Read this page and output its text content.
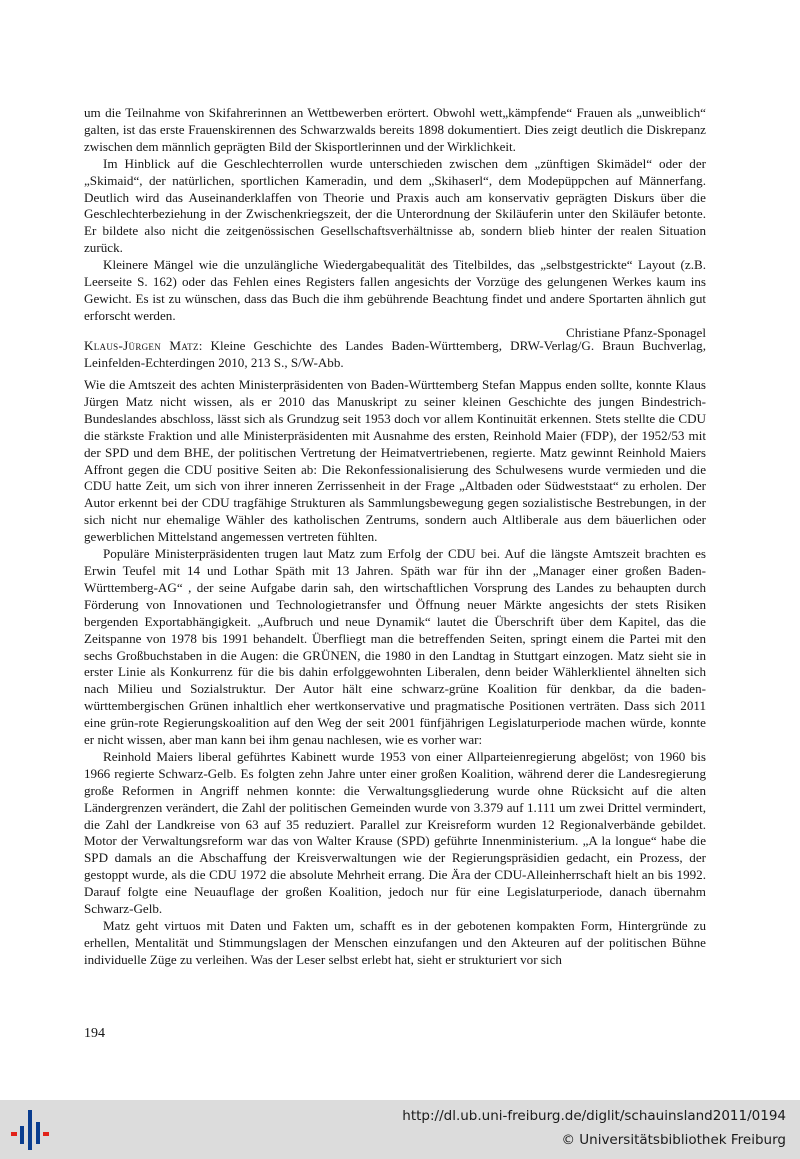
um die Teilnahme von Skifahrerinnen an Wettbewerben erörtert. Obwohl wett„kämpfende“ Frauen als „unweiblich“ galten, ist das erste Frauenskirennen des Schwarzwalds bereits 1898 dokumentiert. Dies zeigt deutlich die Diskrepanz zwischen dem männlich geprägten Bild der Skisportlerinnen und der Wirklichkeit.

Im Hinblick auf die Geschlechterrollen wurde unterschieden zwischen dem „zünftigen Skimädel“ oder der „Skimaid“, der natürlichen, sportlichen Kameradin, und dem „Skihaserl“, dem Modepüppchen auf Männerfang. Deutlich wird das Auseinanderklaffen von Theorie und Praxis auch am konservativ geprägten Diskurs über die Geschlechterbeziehung in der Zwischenkriegszeit, der die Unterordnung der Skiläuferin unter den Skiläufer betonte. Er bildete also nicht die zeitgenössischen Gesellschaftsverhältnisse ab, sondern blieb hinter der realen Situation zurück.

Kleinere Mängel wie die unzulängliche Wiedergabequalität des Titelbildes, das „selbstgestrickte“ Layout (z.B. Leerseite S. 162) oder das Fehlen eines Registers fallen angesichts der Vorzüge des gelungenen Werkes kaum ins Gewicht. Es ist zu wünschen, dass das Buch die ihm gebührende Beachtung findet und andere Sportarten ähnlich gut erforscht werden.

Christiane Pfanz-Sponagel

Klaus-Jürgen Matz: Kleine Geschichte des Landes Baden-Württemberg, DRW-Verlag/G. Braun Buchverlag, Leinfelden-Echterdingen 2010, 213 S., S/W-Abb.

Wie die Amtszeit des achten Ministerpräsidenten von Baden-Württemberg Stefan Mappus enden sollte, konnte Klaus Jürgen Matz nicht wissen, als er 2010 das Manuskript zu seiner kleinen Geschichte des jungen Bindestrich-Bundeslandes abschloss, lässt sich als Grundzug seit 1953 doch vor allem Kontinuität erkennen. Stets stellte die CDU die stärkste Fraktion und alle Ministerpräsidenten mit Ausnahme des ersten, Reinhold Maier (FDP), der 1952/53 mit der SPD und dem BHE, der politischen Vertretung der Heimatvertriebenen, regierte. Matz gewinnt Reinhold Maiers Affront gegen die CDU positive Seiten ab: Die Rekonfessionalisierung des Schulwesens wurde vermieden und die CDU hatte Zeit, um sich von ihrer inneren Zerrissenheit in der Frage „Altbaden oder Südweststaat“ zu erholen. Der Autor erkennt bei der CDU tragfähige Strukturen als Sammlungsbewegung gegen sozialistische Bestrebungen, in der sich nicht nur ehemalige Wähler des katholischen Zentrums, sondern auch Altliberale aus dem bäuerlichen oder gewerblichen Mittelstand angemessen vertreten fühlten.

Populäre Ministerpräsidenten trugen laut Matz zum Erfolg der CDU bei. Auf die längste Amtszeit brachten es Erwin Teufel mit 14 und Lothar Späth mit 13 Jahren. Späth war für ihn der „Manager einer großen Baden-Württemberg-AG“ , der seine Aufgabe darin sah, den wirtschaftlichen Vorsprung des Landes zu behaupten durch Förderung von Innovationen und Technologietransfer und Öffnung neuer Märkte angesichts der stets Risiken bergenden Exportabhängigkeit. „Aufbruch und neue Dynamik“ lautet die Überschrift über dem Kapitel, das die Zeitspanne von 1978 bis 1991 behandelt. Überfliegt man die betreffenden Seiten, springt einem die Partei mit den sechs Großbuchstaben in die Augen: die GRÜNEN, die 1980 in den Landtag in Stuttgart einzogen. Matz sieht sie in erster Linie als Konkurrenz für die bis dahin erfolggewohnten Liberalen, denn beider Wählerklientel ähnelten sich nach Milieu und Sozialstruktur. Der Autor hält eine schwarz-grüne Koalition für denkbar, da die baden-württembergischen Grünen inhaltlich eher wertkonservative und pragmatische Positionen verträten. Dass sich 2011 eine grün-rote Regierungskoalition auf den Weg der seit 2001 fünfjährigen Legislaturperiode machen würde, konnte er nicht wissen, aber man kann bei ihm genau nachlesen, wie es vorher war:

Reinhold Maiers liberal geführtes Kabinett wurde 1953 von einer Allparteienregierung abgelöst; von 1960 bis 1966 regierte Schwarz-Gelb. Es folgten zehn Jahre unter einer großen Koalition, während derer die Landesregierung große Reformen in Angriff nehmen konnte: die Verwaltungsgliederung wurde ohne Rücksicht auf die alten Ländergrenzen verändert, die Zahl der politischen Gemeinden wurde von 3.379 auf 1.111 um zwei Drittel vermindert, die Zahl der Landkreise von 63 auf 35 reduziert. Parallel zur Kreisreform wurden 12 Regionalverbände gebildet. Motor der Verwaltungsreform war das von Walter Krause (SPD) geführte Innenministerium. „A la longue“ habe die SPD damals an die Abschaffung der Kreisverwaltungen wie der Regierungspräsidien gedacht, ein Prozess, der gestoppt wurde, als die CDU 1972 die absolute Mehrheit errang. Die Ära der CDU-Alleinherrschaft hielt an bis 1992. Darauf folgte eine Neuauflage der großen Koalition, jedoch nur für eine Legislaturperiode, danach übernahm Schwarz-Gelb.

Matz geht virtuos mit Daten und Fakten um, schafft es in der gebotenen kompakten Form, Hintergründe zu erhellen, Mentalität und Stimmungslagen der Menschen einzufangen und den Akteuren auf der politischen Bühne individuelle Züge zu verleihen. Was der Leser selbst erlebt hat, sieht er strukturiert vor sich

194
http://dl.ub.uni-freiburg.de/diglit/schauinsland2011/0194
© Universitätsbibliothek Freiburg
